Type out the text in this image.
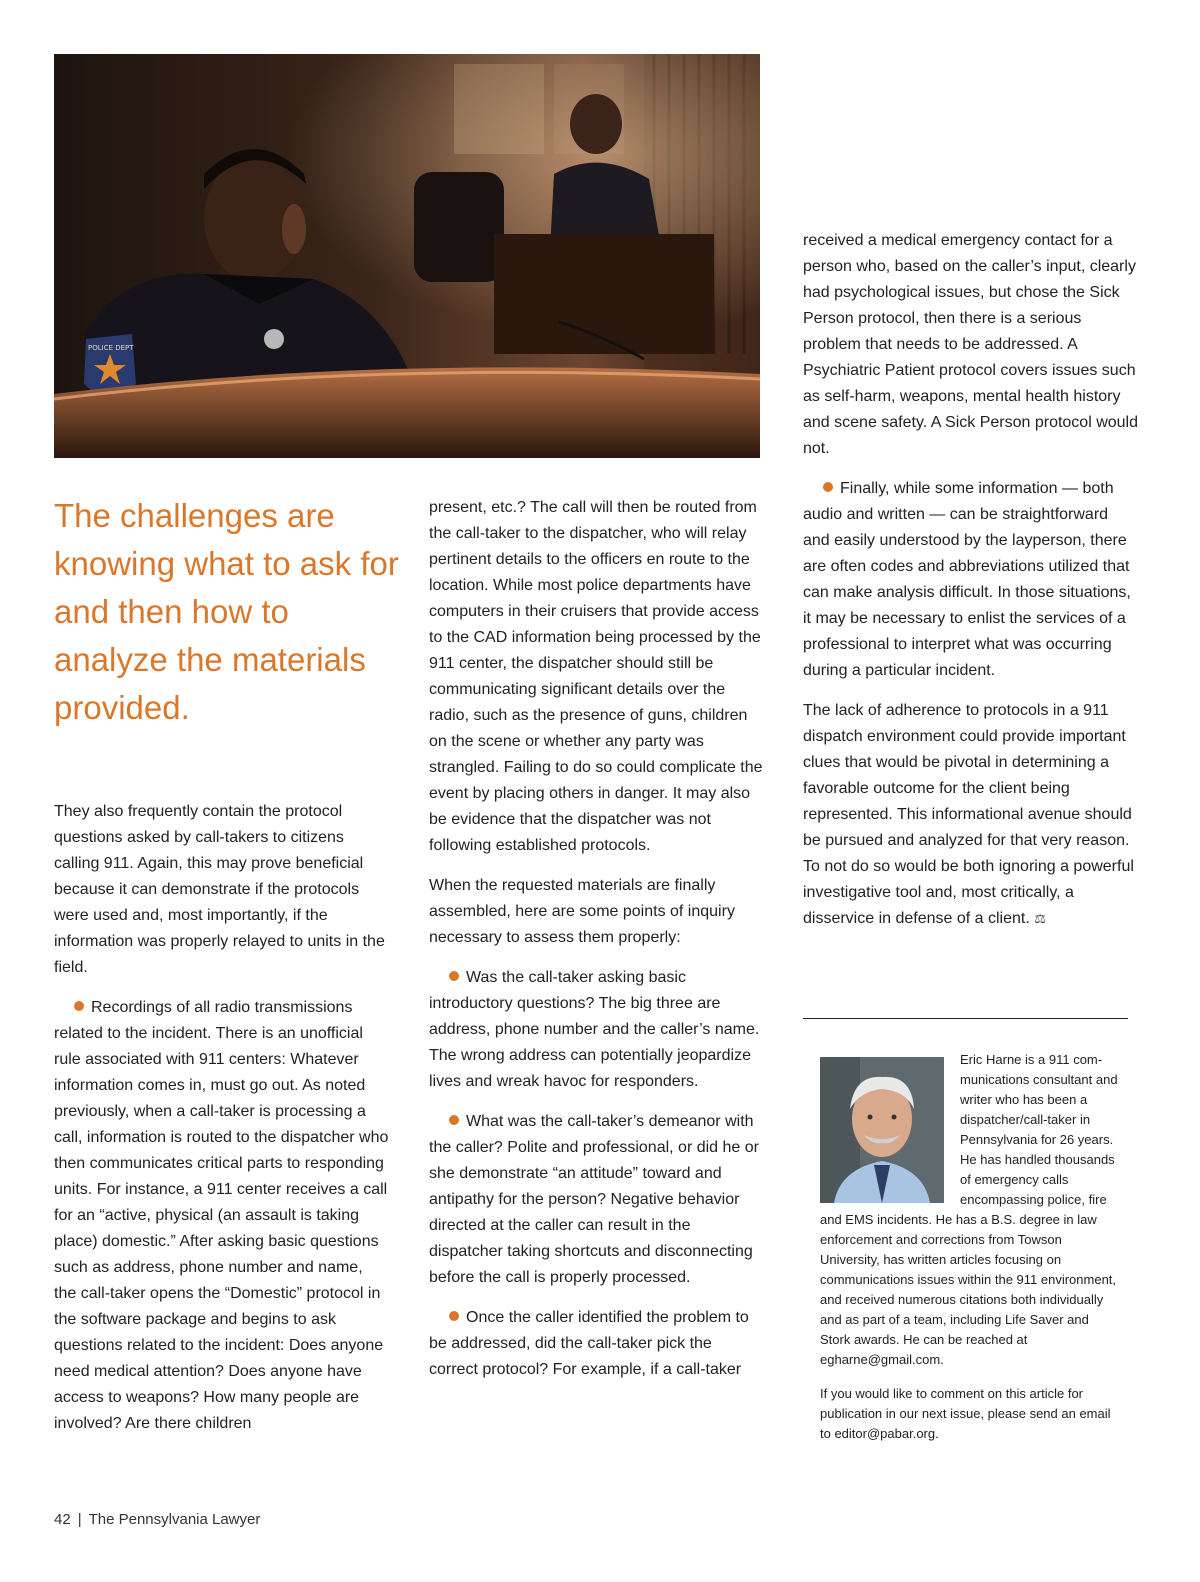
POLICE DEPT
The challenges are knowing what to ask for and then how to analyze the materials provided.

They also frequently contain the protocol questions asked by call-takers to citizens calling 911. Again, this may prove beneficial because it can demonstrate if the protocols were used and, most importantly, if the information was properly relayed to units in the field.

Recordings of all radio transmissions related to the incident. There is an unofficial rule associated with 911 centers: Whatever information comes in, must go out. As noted previously, when a call-taker is processing a call, information is routed to the dispatcher who then communicates critical parts to responding units. For instance, a 911 center receives a call for an “active, physical (an assault is taking place) domestic.” After asking basic questions such as address, phone number and name, the call-taker opens the “Domestic” protocol in the software package and begins to ask questions related to the incident: Does anyone need medical attention? Does anyone have access to weapons? How many people are involved? Are there children

present, etc.? The call will then be routed from the call-taker to the dispatcher, who will relay pertinent details to the officers en route to the location. While most police departments have computers in their cruisers that provide access to the CAD information being processed by the 911 center, the dispatcher should still be communicating significant details over the radio, such as the presence of guns, children on the scene or whether any party was strangled. Failing to do so could complicate the event by placing others in danger. It may also be evidence that the dispatcher was not following established protocols.

When the requested materials are finally assembled, here are some points of inquiry necessary to assess them properly:

Was the call-taker asking basic introductory questions? The big three are address, phone number and the caller’s name. The wrong address can potentially jeopardize lives and wreak havoc for responders.

What was the call-taker’s demeanor with the caller? Polite and professional, or did he or she demonstrate “an attitude” toward and antipathy for the person? Negative behavior directed at the caller can result in the dispatcher taking shortcuts and disconnecting before the call is properly processed.

Once the caller identified the problem to be addressed, did the call-taker pick the correct protocol? For example, if a call-taker

received a medical emergency contact for a person who, based on the caller’s input, clearly had psychological issues, but chose the Sick Person protocol, then there is a serious problem that needs to be addressed. A Psychiatric Patient protocol covers issues such as self-harm, weapons, mental health history and scene safety. A Sick Person protocol would not.

Finally, while some information — both audio and written — can be straightforward and easily understood by the layperson, there are often codes and abbreviations utilized that can make analysis difficult. In those situations, it may be necessary to enlist the services of a professional to interpret what was occurring during a particular incident.

The lack of adherence to protocols in a 911 dispatch environment could provide important clues that would be pivotal in determining a favorable outcome for the client being represented. This informational avenue should be pursued and analyzed for that very reason. To not do so would be both ignoring a powerful investigative tool and, most critically, a disservice in defense of a client. ⚖

Eric Harne is a 911 communications consultant and writer who has been a dispatcher/call-taker in Pennsylvania for 26 years. He has handled thousands of emergency calls encompassing police, fire and EMS incidents. He has a B.S. degree in law enforcement and corrections from Towson University, has written articles focusing on communications issues within the 911 environment, and received numerous citations both individually and as part of a team, including Life Saver and Stork awards. He can be reached at egharne@gmail.com.

If you would like to comment on this article for publication in our next issue, please send an email to editor@pabar.org.

42 | The Pennsylvania Lawyer
